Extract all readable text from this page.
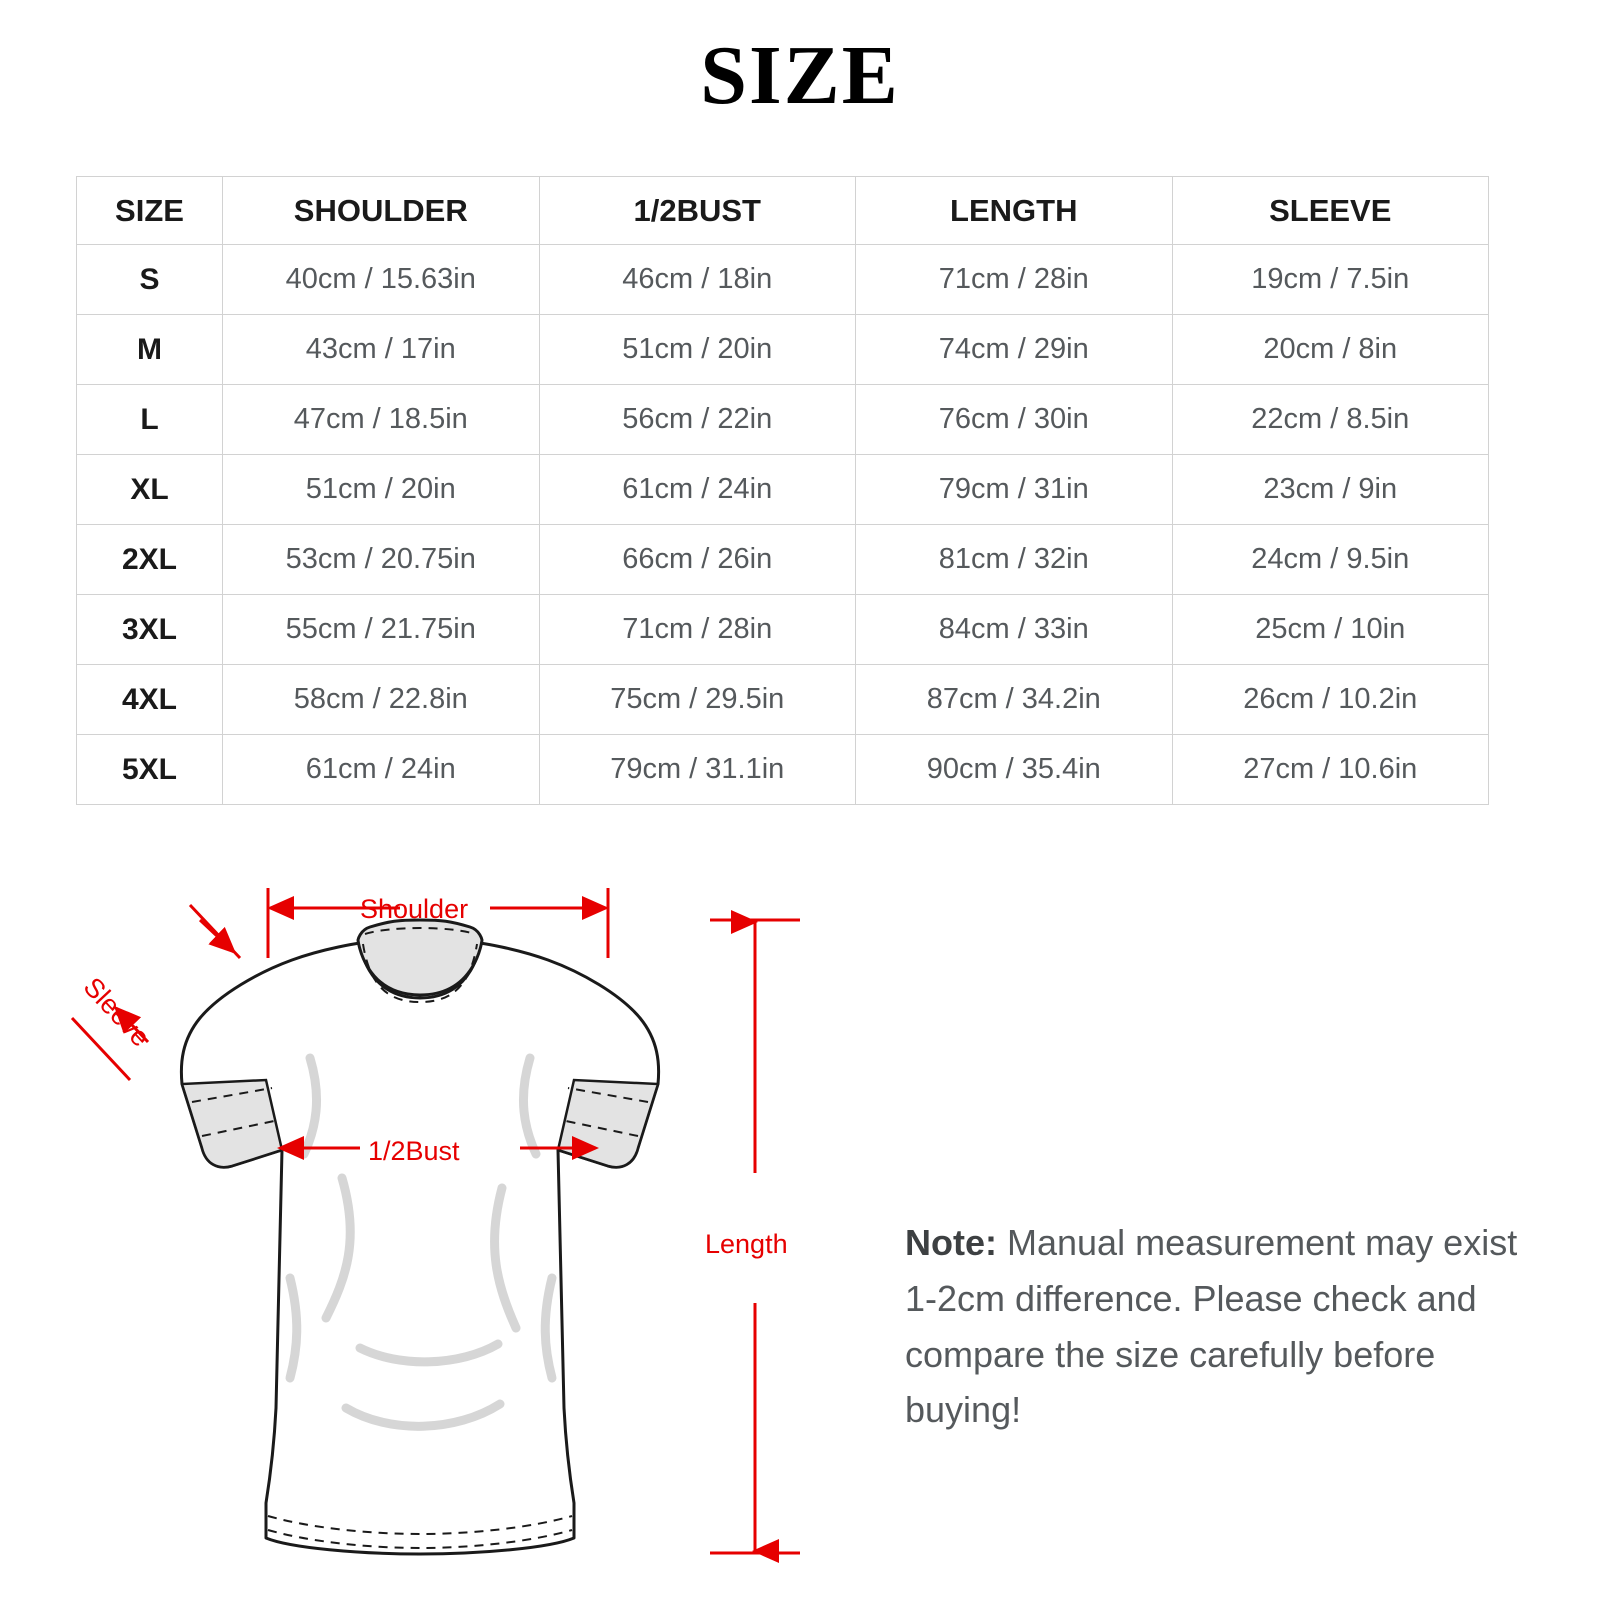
SIZE
SIZE	SHOULDER	1/2BUST	LENGTH	SLEEVE
S	40cm / 15.63in	46cm / 18in	71cm / 28in	19cm / 7.5in
M	43cm / 17in	51cm / 20in	74cm / 29in	20cm / 8in
L	47cm / 18.5in	56cm / 22in	76cm / 30in	22cm / 8.5in
XL	51cm / 20in	61cm / 24in	79cm / 31in	23cm / 9in
2XL	53cm / 20.75in	66cm / 26in	81cm / 32in	24cm / 9.5in
3XL	55cm / 21.75in	71cm / 28in	84cm / 33in	25cm / 10in
4XL	58cm / 22.8in	75cm / 29.5in	87cm / 34.2in	26cm / 10.2in
5XL	61cm / 24in	79cm / 31.1in	90cm / 35.4in	27cm / 10.6in
Shoulder
Sleeve
1/2Bust
Length	Note: Manual measurement may exist 1-2cm difference. Please check and compare the size carefully before buying!
